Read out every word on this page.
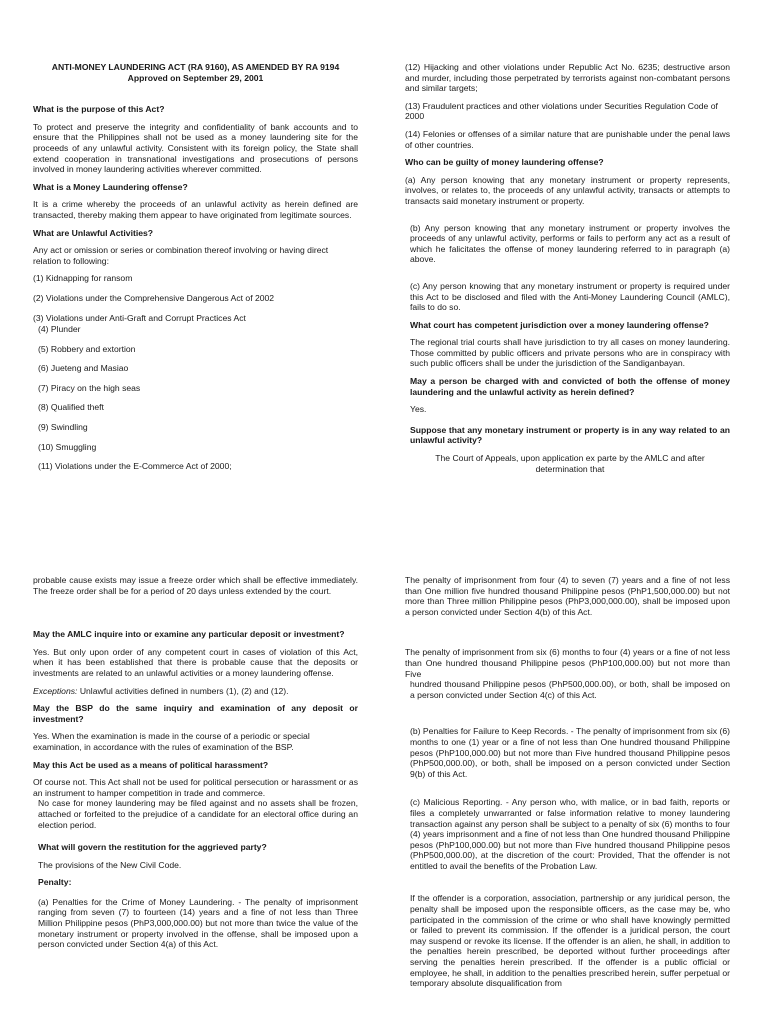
ANTI-MONEY LAUNDERING ACT (RA 9160), AS AMENDED BY RA 9194
Approved on September 29, 2001
What is the purpose of this Act?
To protect and preserve the integrity and confidentiality of bank accounts and to ensure that the Philippines shall not be used as a money laundering site for the proceeds of any unlawful activity. Consistent with its foreign policy, the State shall extend cooperation in transnational investigations and prosecutions of persons involved in money laundering activities wherever committed.
What is a Money Laundering offense?
It is a crime whereby the proceeds of an unlawful activity as herein defined are transacted, thereby making them appear to have originated from legitimate sources.
What are Unlawful Activities?
Any act or omission or series or combination thereof involving or having direct relation to following:
(1) Kidnapping for ransom
(2) Violations under the Comprehensive Dangerous Act of 2002
(3) Violations under Anti-Graft and Corrupt Practices Act
(4) Plunder
(5) Robbery and extortion
(6) Jueteng and Masiao
(7) Piracy on the high seas
(8) Qualified theft
(9) Swindling
(10) Smuggling
(11) Violations under the E-Commerce Act of 2000;
(12) Hijacking and other violations under Republic Act No. 6235; destructive arson and murder, including those perpetrated by terrorists against non-combatant persons and similar targets;
(13) Fraudulent practices and other violations under Securities Regulation Code of 2000
(14) Felonies or offenses of a similar nature that are punishable under the penal laws of other countries.
Who can be guilty of money laundering offense?
(a) Any person knowing that any monetary instrument or property represents, involves, or relates to, the proceeds of any unlawful activity, transacts or attempts to transacts said monetary instrument or property.
(b) Any person knowing that any monetary instrument or property involves the proceeds of any unlawful activity, performs or fails to perform any act as a result of which he falicitates the offense of money laundering referred to in paragraph (a) above.
(c) Any person knowing that any monetary instrument or property is required under this Act to be disclosed and filed with the Anti-Money Laundering Council (AMLC), fails to do so.
What court has competent jurisdiction over a money laundering offense?
The regional trial courts shall have jurisdiction to try all cases on money laundering. Those committed by public officers and private persons who are in conspiracy with such public officers shall be under the jurisdiction of the Sandiganbayan.
May a person be charged with and convicted of both the offense of money laundering and the unlawful activity as herein defined?
Yes.
Suppose that any monetary instrument or property is in any way related to an unlawful activity?
The Court of Appeals, upon application ex parte by the AMLC and after determination that
probable cause exists may issue a freeze order which shall be effective immediately. The freeze order shall be for a period of 20 days unless extended by the court.
May the AMLC inquire into or examine any particular deposit or investment?
Yes. But only upon order of any competent court in cases of violation of this Act, when it has been established that there is probable cause that the deposits or investments are related to an unlawful activities or a money laundering offense.
Exceptions: Unlawful activities defined in numbers (1), (2) and (12).
May the BSP do the same inquiry and examination of any deposit or investment?
Yes. When the examination is made in the course of a periodic or special examination, in accordance with the rules of examination of the BSP.
May this Act be used as a means of political harassment?
Of course not. This Act shall not be used for political persecution or harassment or as an instrument to hamper competition in trade and commerce.
No case for money laundering may be filed against and no assets shall be frozen, attached or forfeited to the prejudice of a candidate for an electoral office during an election period.
What will govern the restitution for the aggrieved party?
The provisions of the New Civil Code.
Penalty:
(a) Penalties for the Crime of Money Laundering. - The penalty of imprisonment ranging from seven (7) to fourteen (14) years and a fine of not less than Three Million Philippine pesos (PhP3,000,000.00) but not more than twice the value of the monetary instrument or property involved in the offense, shall be imposed upon a person convicted under Section 4(a) of this Act.
The penalty of imprisonment from four (4) to seven (7) years and a fine of not less than One million five hundred thousand Philippine pesos (PhP1,500,000.00) but not more than Three million Philippine pesos (PhP3,000,000.00), shall be imposed upon a person convicted under Section 4(b) of this Act.
The penalty of imprisonment from six (6) months to four (4) years or a fine of not less than One hundred thousand Philippine pesos (PhP100,000.00) but not more than Five
hundred thousand Philippine pesos (PhP500,000.00), or both, shall be imposed on a person convicted under Section 4(c) of this Act.
(b) Penalties for Failure to Keep Records. - The penalty of imprisonment from six (6) months to one (1) year or a fine of not less than One hundred thousand Philippine pesos (PhP100,000.00) but not more than Five hundred thousand Philippine pesos (PhP500,000.00), or both, shall be imposed on a person convicted under Section 9(b) of this Act.
(c) Malicious Reporting. - Any person who, with malice, or in bad faith, reports or files a completely unwarranted or false information relative to money laundering transaction against any person shall be subject to a penalty of six (6) months to four (4) years imprisonment and a fine of not less than One hundred thousand Philippine pesos (PhP100,000.00) but not more than Five hundred thousand Philippine pesos (PhP500,000.00), at the discretion of the court: Provided, That the offender is not entitled to avail the benefits of the Probation Law.
If the offender is a corporation, association, partnership or any juridical person, the penalty shall be imposed upon the responsible officers, as the case may be, who participated in the commission of the crime or who shall have knowingly permitted or failed to prevent its commission. If the offender is a juridical person, the court may suspend or revoke its license. If the offender is an alien, he shall, in addition to the penalties herein prescribed, be deported without further proceedings after serving the penalties herein prescribed. If the offender is a public official or employee, he shall, in addition to the penalties prescribed herein, suffer perpetual or temporary absolute disqualification from
